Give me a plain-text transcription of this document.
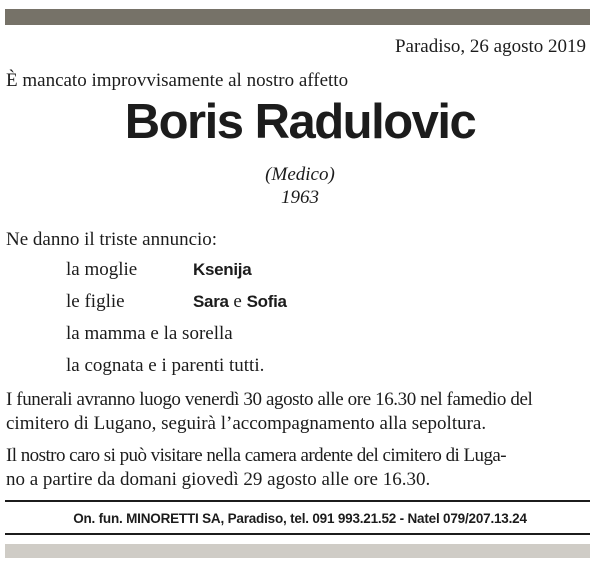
Paradiso, 26 agosto 2019
È mancato improvvisamente al nostro affetto
Boris Radulovic
(Medico)
1963
Ne danno il triste annuncio:
la moglie	Ksenija
le figlie	Sara e Sofia
la mamma e la sorella
la cognata e i parenti tutti.
I funerali avranno luogo venerdì 30 agosto alle ore 16.30 nel famedio del
cimitero di Lugano, seguirà l’accompagnamento alla sepoltura.
Il nostro caro si può visitare nella camera ardente del cimitero di Luga-
no a partire da domani giovedì 29 agosto alle ore 16.30.
On. fun. MINORETTI SA, Paradiso, tel. 091 993.21.52 - Natel 079/207.13.24
